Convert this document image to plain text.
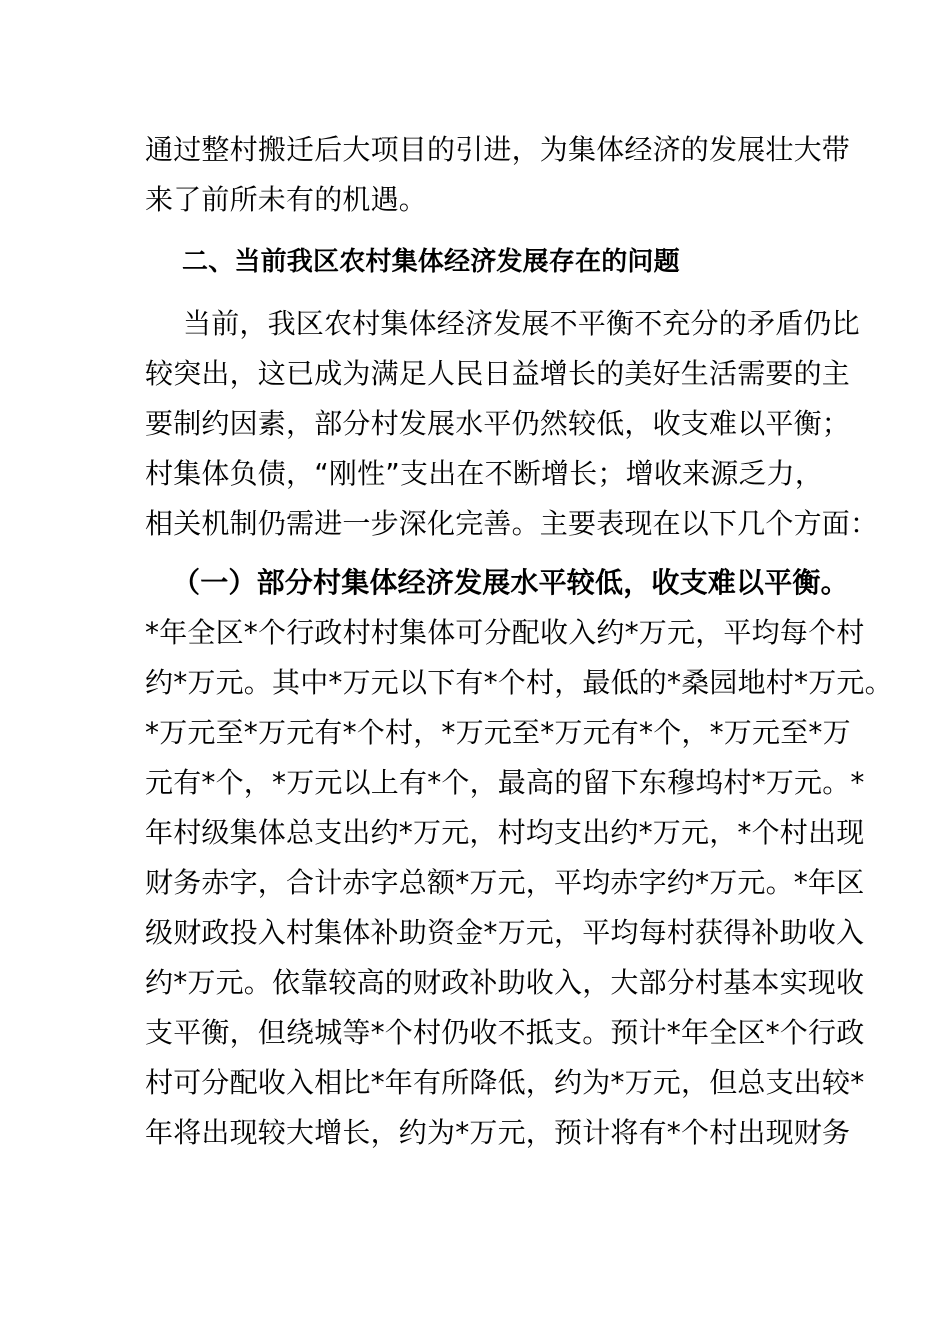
通过整村搬迁后大项目的引进，为集体经济的发展壮大带
来了前所未有的机遇。
二、当前我区农村集体经济发展存在的问题
当前，我区农村集体经济发展不平衡不充分的矛盾仍比
较突出，这已成为满足人民日益增长的美好生活需要的主
要制约因素，部分村发展水平仍然较低，收支难以平衡；
村集体负债，“刚性”支出在不断增长；增收来源乏力，
相关机制仍需进一步深化完善。主要表现在以下几个方面：
（一）部分村集体经济发展水平较低，收支难以平衡。
*年全区*个行政村村集体可分配收入约*万元，平均每个村
约*万元。其中*万元以下有*个村，最低的*桑园地村*万元。
*万元至*万元有*个村，*万元至*万元有*个，*万元至*万
元有*个，*万元以上有*个，最高的留下东穆坞村*万元。*
年村级集体总支出约*万元，村均支出约*万元，*个村出现
财务赤字，合计赤字总额*万元，平均赤字约*万元。*年区
级财政投入村集体补助资金*万元，平均每村获得补助收入
约*万元。依靠较高的财政补助收入，大部分村基本实现收
支平衡，但绕城等*个村仍收不抵支。预计*年全区*个行政
村可分配收入相比*年有所降低，约为*万元，但总支出较*
年将出现较大增长，约为*万元，预计将有*个村出现财务
